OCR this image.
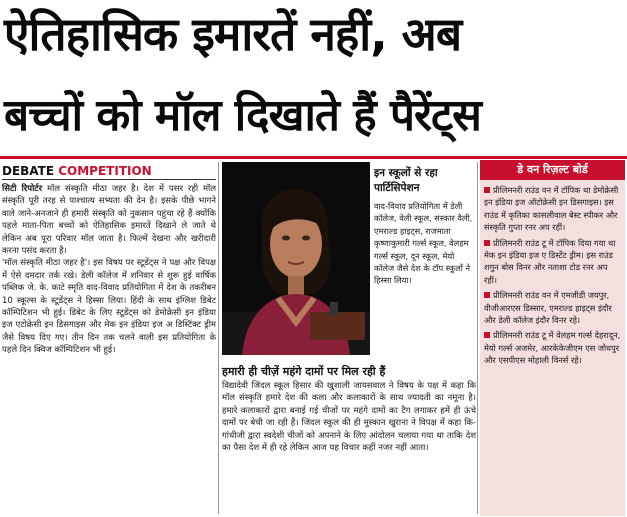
ऐतिहासिक इमारतें नहीं, अब
बच्चों को मॉल दिखाते हैं पैरेंट्स
DEBATE COMPETITION

सिटी रिपोर्टर मॉल संस्कृति मीठा जहर है। देश में पसर रही मॉल संस्कृति पूरी तरह से पाश्चात्य सभ्यता की देन है। इसके पीछे भागने वाले जाने-अनजाने ही हमारी संस्कृति को नुकसान पहुंचा रहे हैं क्योंकि पहले माता-पिता बच्चों को ऐतिहासिक इमारतें दिखाने ले जाते थे लेकिन अब पूरा परिवार मॉल जाता है। फिल्में देखना और खरीदारी करना पसंद करता है।

'मॉल संस्कृति मीठा जहर है'। इस विषय पर स्टूडेंट्स ने पक्ष और विपक्ष में ऐसे दमदार तर्क रखे। डेली कॉलेज में शनिवार से शुरू हुई वार्षिक पब्लिक जे. के. काटे स्मृति वाद-विवाद प्रतियोगिता में देश के तकरीबन 10 स्कूल्स के स्टूडेंट्स ने हिस्सा लिया। हिंदी के साथ इंग्लिश डिबेट कॉम्पिटिशन भी हुई। डिबेट के लिए स्टूडेंट्स को डेमोक्रेसी इन इंडिया इज एटोक्रेसी इन डिसगाइस और मेक इन इंडिया इज अ डिस्टिंक्ट ड्रीम जैसे विषय दिए गए। तीन दिन तक चलने वाली इस प्रतियोगिता के पहले दिन क्विज कॉम्पिटिशन भी हुई।

इन स्कूलों से रहा पार्टिसिपेशन
वाद-विवाद प्रतियोगिता में डेली कॉलेज, वेली स्कूल, संस्कार वैली, एमराल्ड हाइट्स, राजमाता कृष्णाकुमारी गर्ल्स स्कूल, वेलहम गर्ल्स स्कूल, दून स्कूल, मेयो कॉलेज जैसे देश के टॉप स्कूलों ने हिस्सा लिया।
हमारी ही चीज़ें महंगे दामों पर मिल रही हैं
विद्यादेवी जिंदल स्कूल हिसार की खुशाली जायसवाल ने विषय के पक्ष में कहा कि मॉल संस्कृति हमारे देश की कला और कलाकारों के साथ ज्यादती का नमूना है। हमारे कलाकारों द्वारा बनाई गई चीजों पर महंगे दामों का टैग लगाकर हमें ही ऊंचे दामों पर बेची जा रही हैं। जिंदल स्कूल की ही मुस्कान खुराना ने विपक्ष में कहा कि- गांधीजी द्वारा स्वदेशी चीजों को अपनाने के लिए आंदोलन चलाया गया था ताकि देश का पैसा देश में ही रहे लेकिन आज यह विचार कहीं नजर नहीं आता।
डे वन रिज़ल्ट बोर्ड
प्रीलिमनरी राउंड वन में टॉपिक था डेमोक्रेसी इन इंडिया इज ऑटोक्रेसी इन डिसगाइस। इस राउंड में कृतिका कासलीवाल बेस्ट स्पीकर और संस्कृति गुप्ता रनर अप रहीं।
प्रीलिमनरी राउंड टू में टॉपिक दिया गया था मेक इन इंडिया इज ए डिस्टेंट ड्रीम। इस राउंड शगुन बोस विनर और नताशा टोड रनर अप रहीं।
प्रीलिमनरी राउंड वन में एमजीडी जयपुर, वीजीआरएस डिस्सार, एमराल्ड हाइट्स इंदौर और डेली कॉलेज इंदौर विनर रहे।
प्रीलिमनरी राउंड टू में वेलहम गर्ल्स देहरादून, मेयो गर्ल्स अजमेर, आरकेकेजीएम एस जोधपुर और एसपीएस मोहाली विनर्स रहे।
